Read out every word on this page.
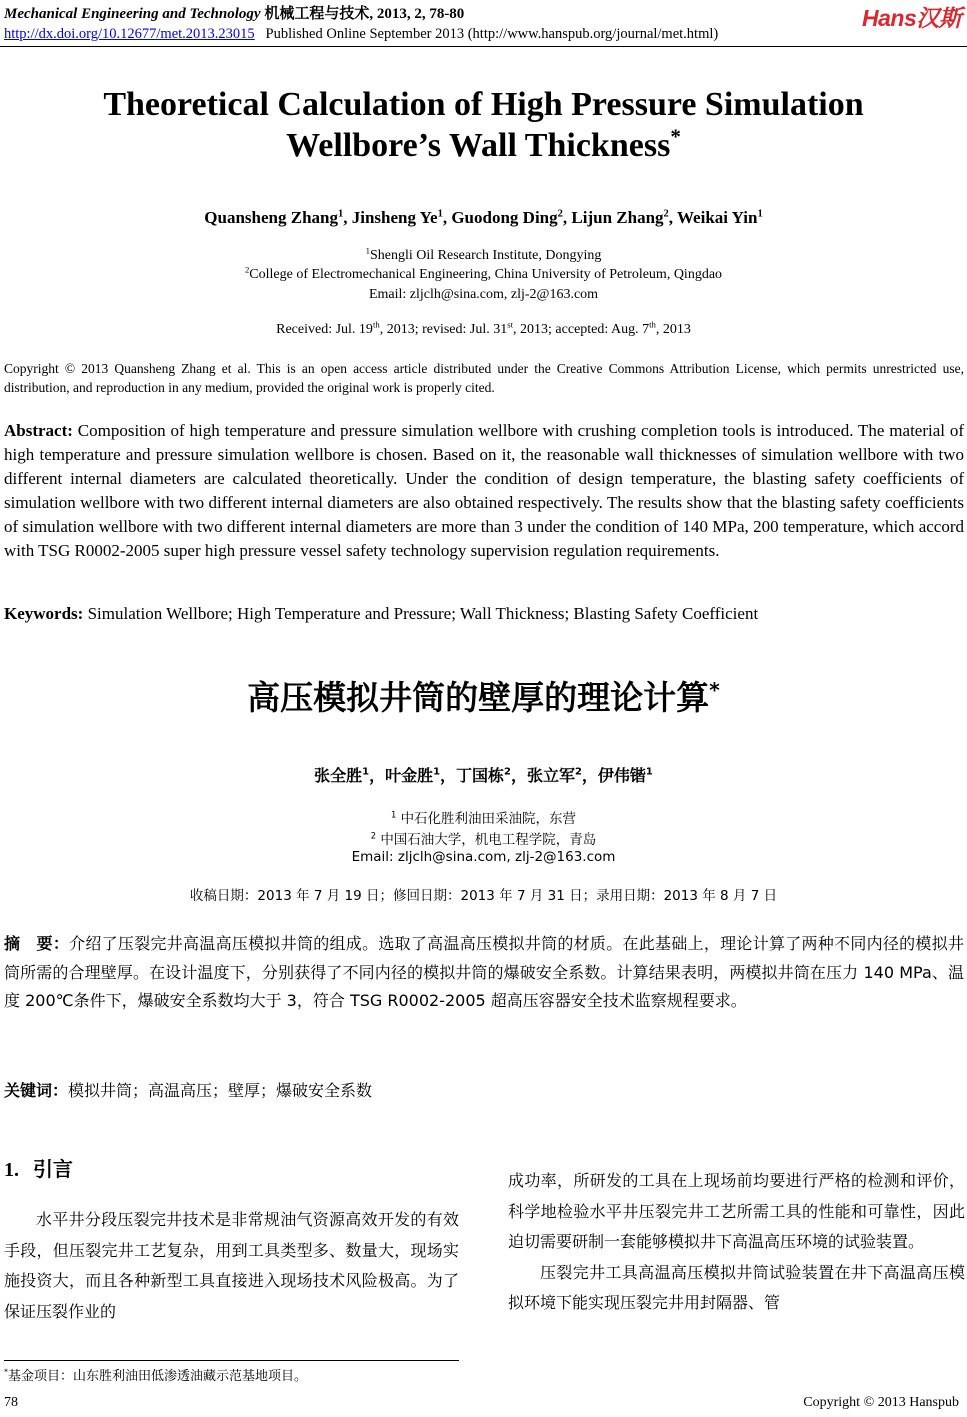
Mechanical Engineering and Technology 机械工程与技术, 2013, 2, 78-80	Hans汉斯
http://dx.doi.org/10.12677/met.2013.23015 Published Online September 2013 (http://www.hanspub.org/journal/met.html)
Theoretical Calculation of High Pressure Simulation
Wellbore’s Wall Thickness*
Quansheng Zhang$^1$, Jinsheng Ye$^1$, Guodong Ding$^2$, Lijun Zhang$^2$, Weikai Yin$^1$
$^1$Shengli Oil Research Institute, Dongying
$^2$College of Electromechanical Engineering, China University of Petroleum, Qingdao
Email: zljclh@sina.com, zlj-2@163.com
Received: Jul. 19th, 2013; revised: Jul. 31st, 2013; accepted: Aug. 7th, 2013
Copyright © 2013 Quansheng Zhang et al. This is an open access article distributed under the Creative Commons Attribution License, which permits unrestricted use, distribution, and reproduction in any medium, provided the original work is properly cited.
Abstract: Composition of high temperature and pressure simulation wellbore with crushing completion tools is introduced. The material of high temperature and pressure simulation wellbore is chosen. Based on it, the reasonable wall thicknesses of simulation wellbore with two different internal diameters are calculated theoretically. Under the condition of design temperature, the blasting safety coefficients of simulation wellbore with two different internal diameters are also obtained respectively. The results show that the blasting safety coefficients of simulation wellbore with two different internal diameters are more than 3 under the condition of 140 MPa, 200 temperature, which accord with TSG R0002-2005 super high pressure vessel safety technology supervision regulation requirements.
Keywords: Simulation Wellbore; High Temperature and Pressure; Wall Thickness; Blasting Safety Coefficient
高压模拟井筒的壁厚的理论计算*
张全胜$^1$，叶金胜$^1$，丁国栋$^2$，张立军$^2$，伊伟锴$^1$
$^1$ 中石化胜利油田采油院，东营
$^2$ 中国石油大学，机电工程学院，青岛
Email: zljclh@sina.com, zlj-2@163.com
收稿日期：2013 年 7 月 19 日；修回日期：2013 年 7 月 31 日；录用日期：2013 年 8 月 7 日
摘　要：介绍了压裂完井高温高压模拟井筒的组成。选取了高温高压模拟井筒的材质。在此基础上，理论计算了两种不同内径的模拟井筒所需的合理壁厚。在设计温度下，分别获得了不同内径的模拟井筒的爆破安全系数。计算结果表明，两模拟井筒在压力 140 MPa、温度 200℃条件下，爆破安全系数均大于 3，符合 TSG R0002-2005 超高压容器安全技术监察规程要求。
关键词：模拟井筒；高温高压；壁厚；爆破安全系数
1. 引言
水平井分段压裂完井技术是非常规油气资源高效开发的有效手段，但压裂完井工艺复杂，用到工具类型多、数量大，现场实施投资大，而且各种新型工具直接进入现场技术风险极高。为了保证压裂作业的

成功率，所研发的工具在上现场前均要进行严格的检测和评价，科学地检验水平井压裂完井工艺所需工具的性能和可靠性，因此迫切需要研制一套能够模拟井下高温高压环境的试验装置。

压裂完井工具高温高压模拟井筒试验装置在井下高温高压模拟环境下能实现压裂完井用封隔器、管

*基金项目：山东胜利油田低渗透油藏示范基地项目。
78	Copyright © 2013 Hanspub
